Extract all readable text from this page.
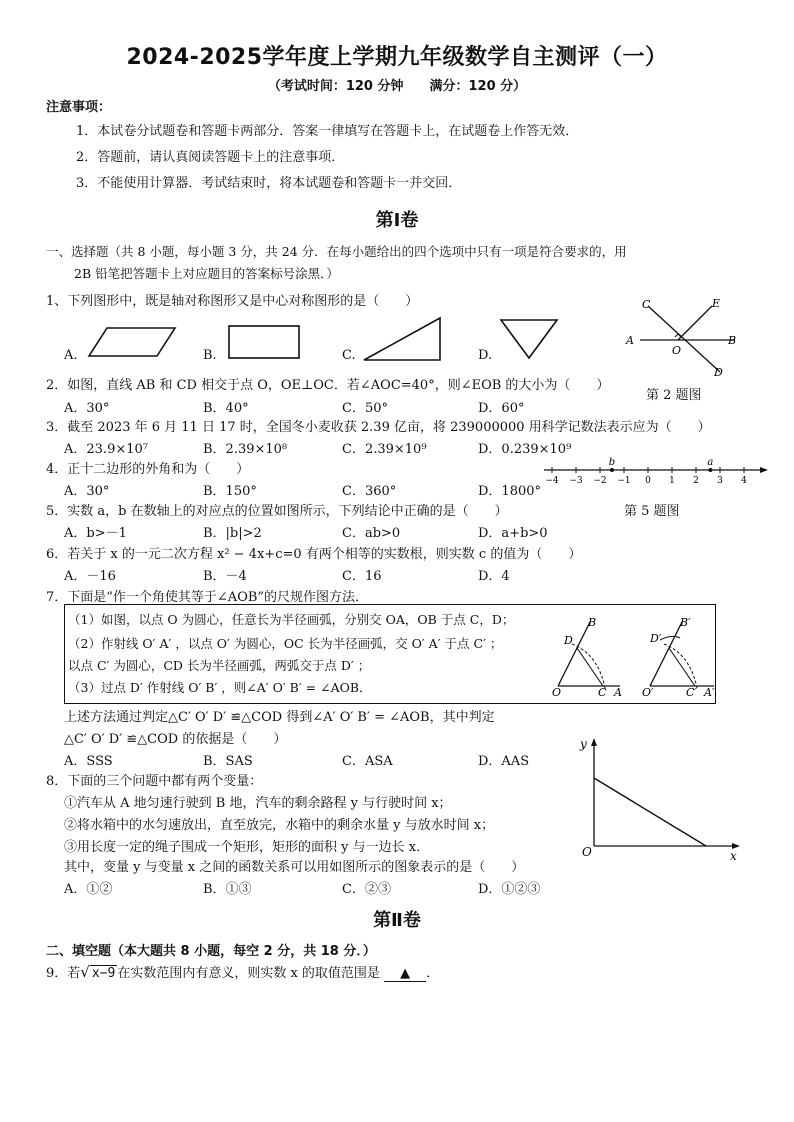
2024-2025学年度上学期九年级数学自主测评（一）
（考试时间：120 分钟　　满分：120 分）
注意事项：
1．本试卷分试题卷和答题卡两部分．答案一律填写在答题卡上，在试题卷上作答无效．
2．答题前，请认真阅读答题卡上的注意事项．
3．不能使用计算器．考试结束时，将本试题卷和答题卡一并交回．
第Ⅰ卷
一、选择题（共 8 小题，每小题 3 分，共 24 分．在每小题给出的四个选项中只有一项是符合要求的，用
2B 铅笔把答题卡上对应题目的答案标号涂黑．）
1、下列图形中，既是轴对称图形又是中心对称图形的是（　　）
A.	B.	C.	D.
C	E
A
O
B
D
第 2 题图
2．如图，直线 AB 和 CD 相交于点 O，OE⊥OC．若∠AOC=40°，则∠EOB 的大小为（　　）
A．30°	B．40°	C．50°	D．60°
3．截至 2023 年 6 月 11 日 17 时，全国冬小麦收获 2.39 亿亩，将 239000000 用科学记数法表示应为（　　）
A．23.9×10⁷	B．2.39×10⁸	C．2.39×10⁹	D．0.239×10⁹
4．正十二边形的外角和为（　　）
A．30°	B．150°	C．360°	D．1800°
−4 −3 −2 −1 0 1 2 3 4
b	a
第 5 题图
5．实数 a，b 在数轴上的对应点的位置如图所示，下列结论中正确的是（　　）
A．b>－1	B．|b|>2	C．ab>0	D．a+b>0
6．若关于 x 的一元二次方程 x² − 4x+c=0 有两个相等的实数根，则实数 c 的值为（　　）
A．－16	B．－4	C．16	D．4
7．下面是“作一个角使其等于∠AOB”的尺规作图方法．
（1）如图，以点 O 为圆心，任意长为半径画弧，分别交 OA，OB 于点 C，D；
（2）作射线 O′ A′ ，以点 O′ 为圆心，OC 长为半径画弧，交 O′ A′ 于点 C′ ；
以点 C′ 为圆心，CD 长为半径画弧，两弧交于点 D′ ；
（3）过点 D′ 作射线 O′ B′ ，则∠A′ O′ B′ = ∠AOB．
D
B
O	C A
D′
B′
O′	C′ A′
上述方法通过判定△C′ O′ D′ ≌△COD 得到∠A′ O′ B′ = ∠AOB，其中判定
△C′ O′ D′ ≌△COD 的依据是（　　）
A．SSS	B．SAS	C．ASA	D．AAS
y
x
O
8．下面的三个问题中都有两个变量：
①汽车从 A 地匀速行驶到 B 地，汽车的剩余路程 y 与行驶时间 x；
②将水箱中的水匀速放出，直至放完，水箱中的剩余水量 y 与放水时间 x；
③用长度一定的绳子围成一个矩形，矩形的面积 y 与一边长 x．
其中，变量 y 与变量 x 之间的函数关系可以用如图所示的图象表示的是（　　）
A．①②	B．①③	C．②③	D．①②③
第Ⅱ卷
二、填空题（本大题共 8 小题，每空 2 分，共 18 分．）
9．若√ x−9 在实数范围内有意义，则实数 x 的取值范围是 ▲ ．
